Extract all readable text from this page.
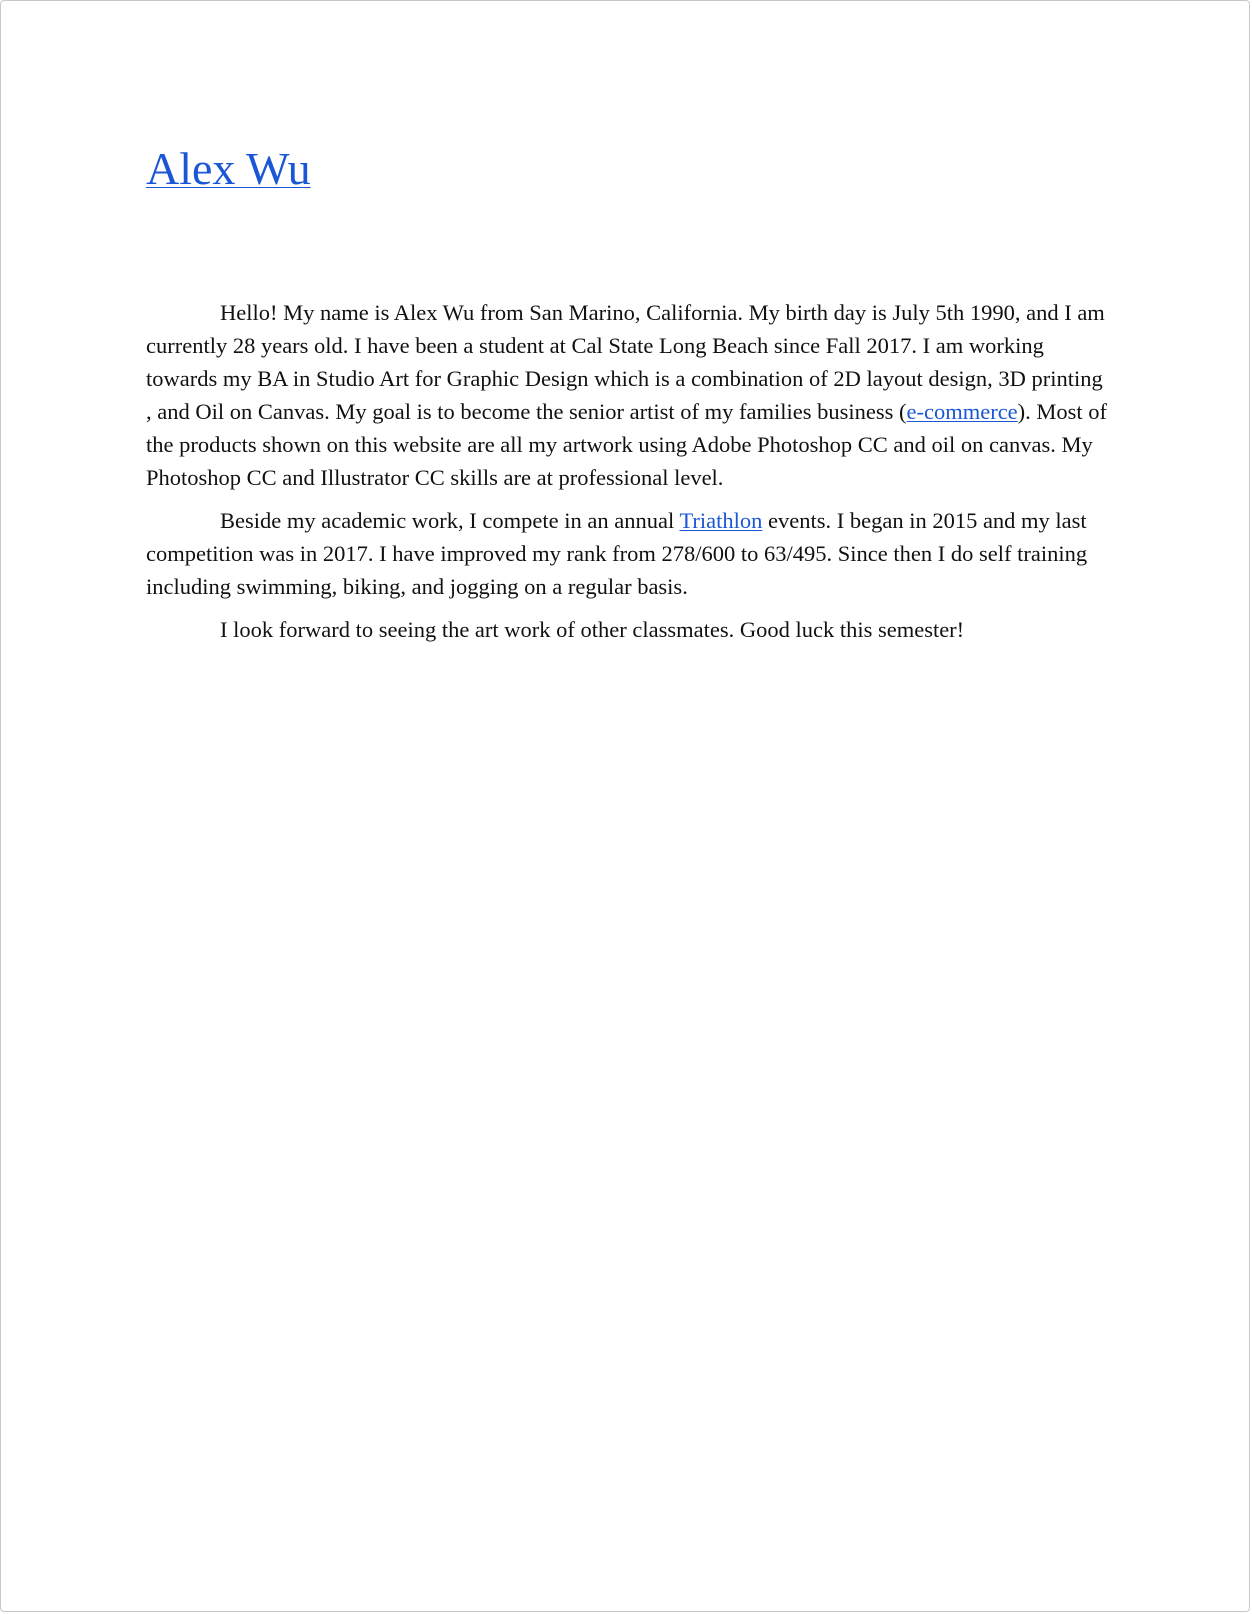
Alex Wu

Hello! My name is Alex Wu from San Marino, California. My birth day is July 5th 1990, and I am currently 28 years old. I have been a student at Cal State Long Beach since Fall 2017. I am working towards my BA in Studio Art for Graphic Design which is a combination of 2D layout design, 3D printing , and Oil on Canvas. My goal is to become the senior artist of my families business (e-commerce). Most of the products shown on this website are all my artwork using Adobe Photoshop CC and oil on canvas. My Photoshop CC and Illustrator CC skills are at professional level.

Beside my academic work, I compete in an annual Triathlon events. I began in 2015 and my last competition was in 2017. I have improved my rank from 278/600 to 63/495. Since then I do self training including swimming, biking, and jogging on a regular basis.

I look forward to seeing the art work of other classmates. Good luck this semester!
